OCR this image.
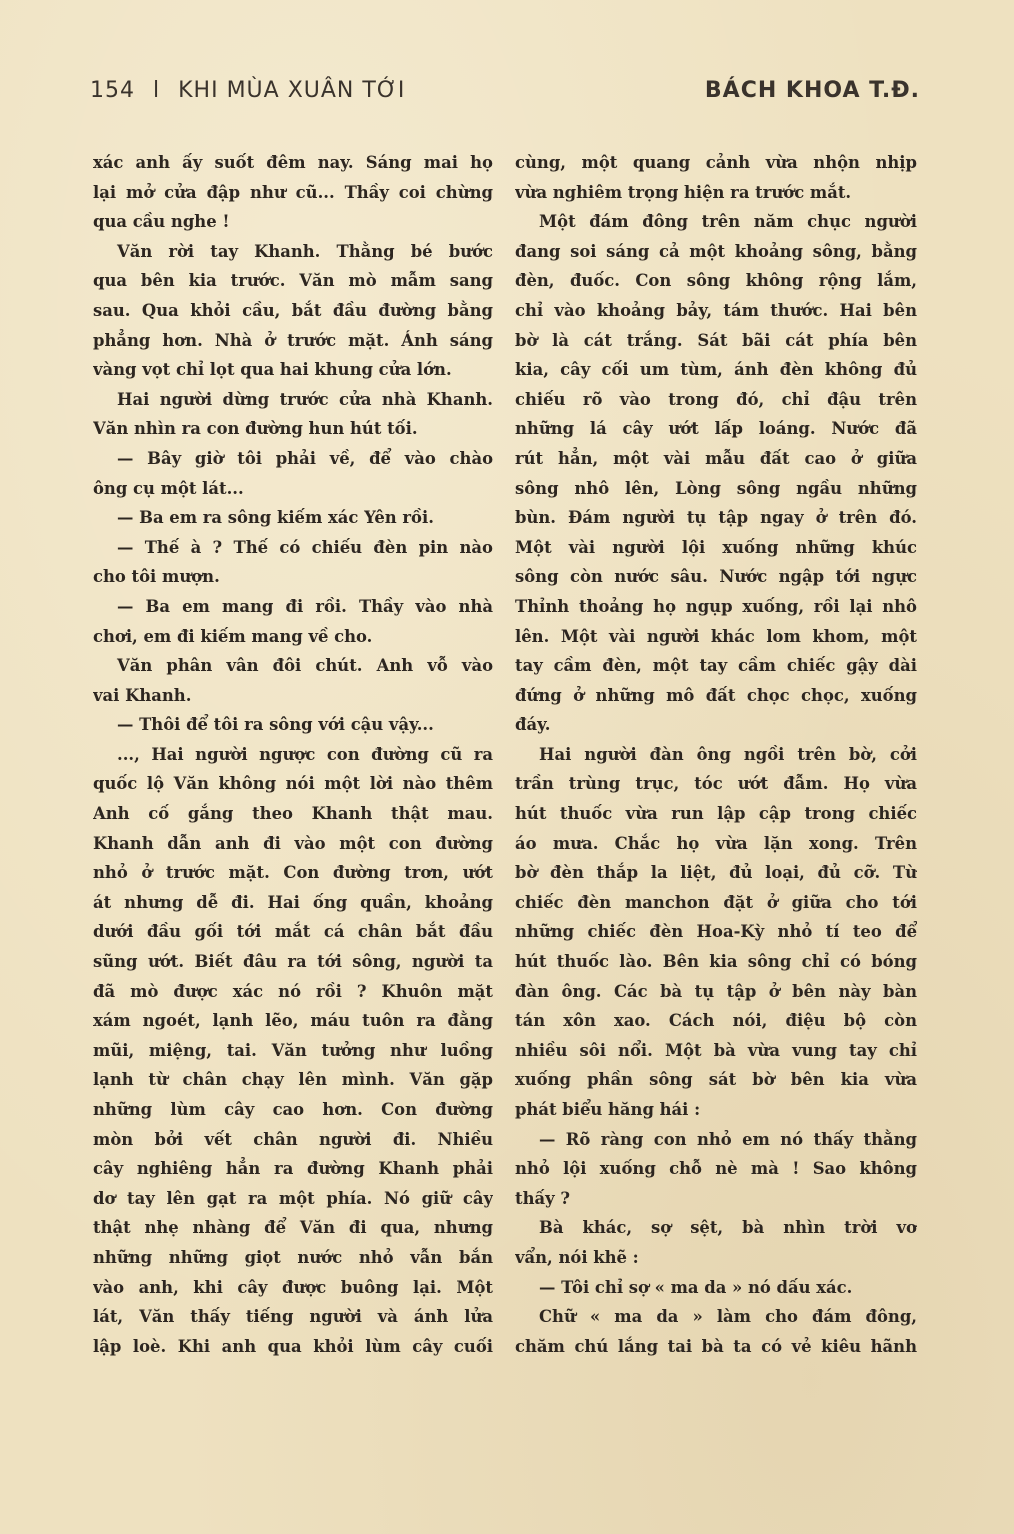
154 l KHI MÙA XUÂN TỚI	BÁCH KHOA T.Đ.
xác anh ấy suốt đêm nay. Sáng mai họ
lại mở cửa đập như cũ... Thầy coi chừng
qua cầu nghe !
Văn rời tay Khanh. Thằng bé bước
qua bên kia trước. Văn mò mẫm sang
sau. Qua khỏi cầu, bắt đầu đường bằng
phẳng hơn. Nhà ở trước mặt. Ánh sáng
vàng vọt chỉ lọt qua hai khung cửa lớn.
Hai người dừng trước cửa nhà Khanh.
Văn nhìn ra con đường hun hút tối.
— Bây giờ tôi phải về, để vào chào
ông cụ một lát...
— Ba em ra sông kiếm xác Yên rồi.
— Thế à ? Thế có chiếu đèn pin nào
cho tôi mượn.
— Ba em mang đi rồi. Thầy vào nhà
chơi, em đi kiếm mang về cho.
Văn phân vân đôi chút. Anh vỗ vào
vai Khanh.
— Thôi để tôi ra sông với cậu vậy...
..., Hai người ngược con đường cũ ra
quốc lộ Văn không nói một lời nào thêm
Anh cố gắng theo Khanh thật mau.
Khanh dẫn anh đi vào một con đường
nhỏ ở trước mặt. Con đường trơn, ướt
át nhưng dễ đi. Hai ống quần, khoảng
dưới đầu gối tới mắt cá chân bắt đầu
sũng ướt. Biết đâu ra tới sông, người ta
đã mò được xác nó rồi ? Khuôn mặt
xám ngoét, lạnh lẽo, máu tuôn ra đằng
mũi, miệng, tai. Văn tưởng như luồng
lạnh từ chân chạy lên mình. Văn gặp
những lùm cây cao hơn. Con đường
mòn bởi vết chân người đi. Nhiều
cây nghiêng hẳn ra đường Khanh phải
dơ tay lên gạt ra một phía. Nó giữ cây
thật nhẹ nhàng để Văn đi qua, nhưng
những những giọt nước nhỏ vẫn bắn
vào anh, khi cây được buông lại. Một
lát, Văn thấy tiếng người và ánh lửa
lập loè. Khi anh qua khỏi lùm cây cuối
cùng, một quang cảnh vừa nhộn nhịp
vừa nghiêm trọng hiện ra trước mắt.
Một đám đông trên năm chục người
đang soi sáng cả một khoảng sông, bằng
đèn, đuốc. Con sông không rộng lắm,
chỉ vào khoảng bảy, tám thước. Hai bên
bờ là cát trắng. Sát bãi cát phía bên
kia, cây cối um tùm, ánh đèn không đủ
chiếu rõ vào trong đó, chỉ đậu trên
những lá cây ướt lấp loáng. Nước đã
rút hẳn, một vài mẫu đất cao ở giữa
sông nhô lên, Lòng sông ngầu những
bùn. Đám người tụ tập ngay ở trên đó.
Một vài người lội xuống những khúc
sông còn nước sâu. Nước ngập tới ngực
Thỉnh thoảng họ ngụp xuống, rồi lại nhô
lên. Một vài người khác lom khom, một
tay cầm đèn, một tay cầm chiếc gậy dài
đứng ở những mô đất chọc chọc, xuống
đáy.
Hai người đàn ông ngồi trên bờ, cởi
trần trùng trục, tóc ướt đẫm. Họ vừa
hút thuốc vừa run lập cập trong chiếc
áo mưa. Chắc họ vừa lặn xong. Trên
bờ đèn thắp la liệt, đủ loại, đủ cỡ. Từ
chiếc đèn manchon đặt ở giữa cho tới
những chiếc đèn Hoa-Kỳ nhỏ tí teo để
hút thuốc lào. Bên kia sông chỉ có bóng
đàn ông. Các bà tụ tập ở bên này bàn
tán xôn xao. Cách nói, điệu bộ còn
nhiều sôi nổi. Một bà vừa vung tay chỉ
xuống phần sông sát bờ bên kia vừa
phát biểu hăng hái :
— Rõ ràng con nhỏ em nó thấy thằng
nhỏ lội xuống chỗ nè mà ! Sao không
thấy ?
Bà khác, sợ sệt, bà nhìn trời vơ
vẩn, nói khẽ :
— Tôi chỉ sợ « ma da » nó dấu xác.
Chữ « ma da » làm cho đám đông,
chăm chú lắng tai bà ta có vẻ kiêu hãnh
